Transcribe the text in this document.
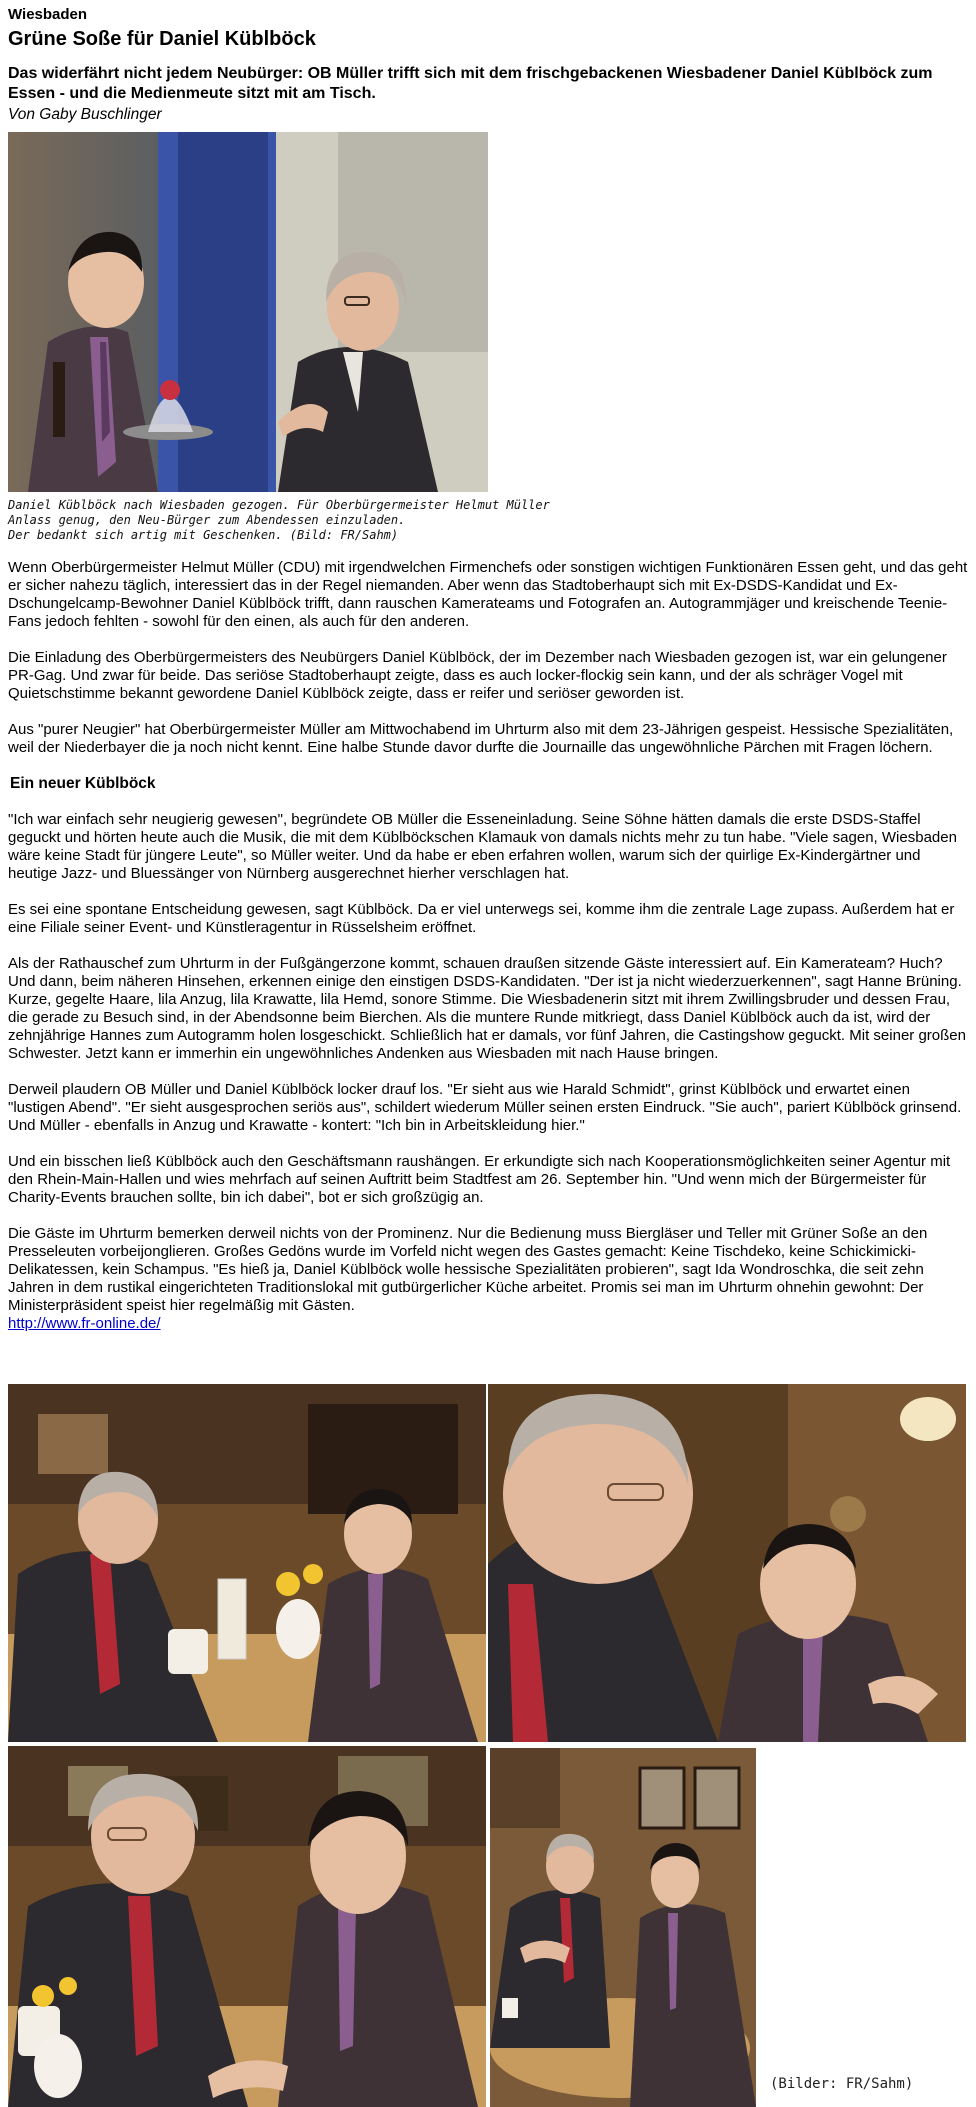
Wiesbaden
Grüne Soße für Daniel Küblböck
Das widerfährt nicht jedem Neubürger: OB Müller trifft sich mit dem frischgebackenen Wiesbadener Daniel Küblböck zum Essen - und die Medienmeute sitzt mit am Tisch.
Von Gaby Buschlinger
Daniel Küblböck nach Wiesbaden gezogen. Für Oberbürgermeister Helmut Müller
Anlass genug, den Neu-Bürger zum Abendessen einzuladen.
Der bedankt sich artig mit Geschenken. (Bild: FR/Sahm)

Wenn Oberbürgermeister Helmut Müller (CDU) mit irgendwelchen Firmenchefs oder sonstigen wichtigen Funktionären Essen geht, und das geht er sicher nahezu täglich, interessiert das in der Regel niemanden. Aber wenn das Stadtoberhaupt sich mit Ex-DSDS-Kandidat und Ex-Dschungelcamp-Bewohner Daniel Küblböck trifft, dann rauschen Kamerateams und Fotografen an. Autogrammjäger und kreischende Teenie-Fans jedoch fehlten - sowohl für den einen, als auch für den anderen.

Die Einladung des Oberbürgermeisters des Neubürgers Daniel Küblböck, der im Dezember nach Wiesbaden gezogen ist, war ein gelungener PR-Gag. Und zwar für beide. Das seriöse Stadtoberhaupt zeigte, dass es auch locker-flockig sein kann, und der als schräger Vogel mit Quietschstimme bekannt gewordene Daniel Küblböck zeigte, dass er reifer und seriöser geworden ist.

Aus "purer Neugier" hat Oberbürgermeister Müller am Mittwochabend im Uhrturm also mit dem 23-Jährigen gespeist. Hessische Spezialitäten, weil der Niederbayer die ja noch nicht kennt. Eine halbe Stunde davor durfte die Journaille das ungewöhnliche Pärchen mit Fragen löchern.

Ein neuer Küblböck

"Ich war einfach sehr neugierig gewesen", begründete OB Müller die Esseneinladung. Seine Söhne hätten damals die erste DSDS-Staffel geguckt und hörten heute auch die Musik, die mit dem Küblböckschen Klamauk von damals nichts mehr zu tun habe. "Viele sagen, Wiesbaden wäre keine Stadt für jüngere Leute", so Müller weiter. Und da habe er eben erfahren wollen, warum sich der quirlige Ex-Kindergärtner und heutige Jazz- und Bluessänger von Nürnberg ausgerechnet hierher verschlagen hat.

Es sei eine spontane Entscheidung gewesen, sagt Küblböck. Da er viel unterwegs sei, komme ihm die zentrale Lage zupass. Außerdem hat er eine Filiale seiner Event- und Künstleragentur in Rüsselsheim eröffnet.

Als der Rathauschef zum Uhrturm in der Fußgängerzone kommt, schauen draußen sitzende Gäste interessiert auf. Ein Kamerateam? Huch? Und dann, beim näheren Hinsehen, erkennen einige den einstigen DSDS-Kandidaten. "Der ist ja nicht wiederzuerkennen", sagt Hanne Brüning. Kurze, gegelte Haare, lila Anzug, lila Krawatte, lila Hemd, sonore Stimme. Die Wiesbadenerin sitzt mit ihrem Zwillingsbruder und dessen Frau, die gerade zu Besuch sind, in der Abendsonne beim Bierchen. Als die muntere Runde mitkriegt, dass Daniel Küblböck auch da ist, wird der zehnjährige Hannes zum Autogramm holen losgeschickt. Schließlich hat er damals, vor fünf Jahren, die Castingshow geguckt. Mit seiner großen Schwester. Jetzt kann er immerhin ein ungewöhnliches Andenken aus Wiesbaden mit nach Hause bringen.

Derweil plaudern OB Müller und Daniel Küblböck locker drauf los. "Er sieht aus wie Harald Schmidt", grinst Küblböck und erwartet einen "lustigen Abend". "Er sieht ausgesprochen seriös aus", schildert wiederum Müller seinen ersten Eindruck. "Sie auch", pariert Küblböck grinsend. Und Müller - ebenfalls in Anzug und Krawatte - kontert: "Ich bin in Arbeitskleidung hier."

Und ein bisschen ließ Küblböck auch den Geschäftsmann raushängen. Er erkundigte sich nach Kooperationsmöglichkeiten seiner Agentur mit den Rhein-Main-Hallen und wies mehrfach auf seinen Auftritt beim Stadtfest am 26. September hin. "Und wenn mich der Bürgermeister für Charity-Events brauchen sollte, bin ich dabei", bot er sich großzügig an.

Die Gäste im Uhrturm bemerken derweil nichts von der Prominenz. Nur die Bedienung muss Biergläser und Teller mit Grüner Soße an den Presseleuten vorbeijonglieren. Großes Gedöns wurde im Vorfeld nicht wegen des Gastes gemacht: Keine Tischdeko, keine Schickimicki-Delikatessen, kein Schampus. "Es hieß ja, Daniel Küblböck wolle hessische Spezialitäten probieren", sagt Ida Wondroschka, die seit zehn Jahren in dem rustikal eingerichteten Traditionslokal mit gutbürgerlicher Küche arbeitet. Promis sei man im Uhrturm ohnehin gewohnt: Der Ministerpräsident speist hier regelmäßig mit Gästen.

http://www.fr-online.de/
(Bilder: FR/Sahm)
